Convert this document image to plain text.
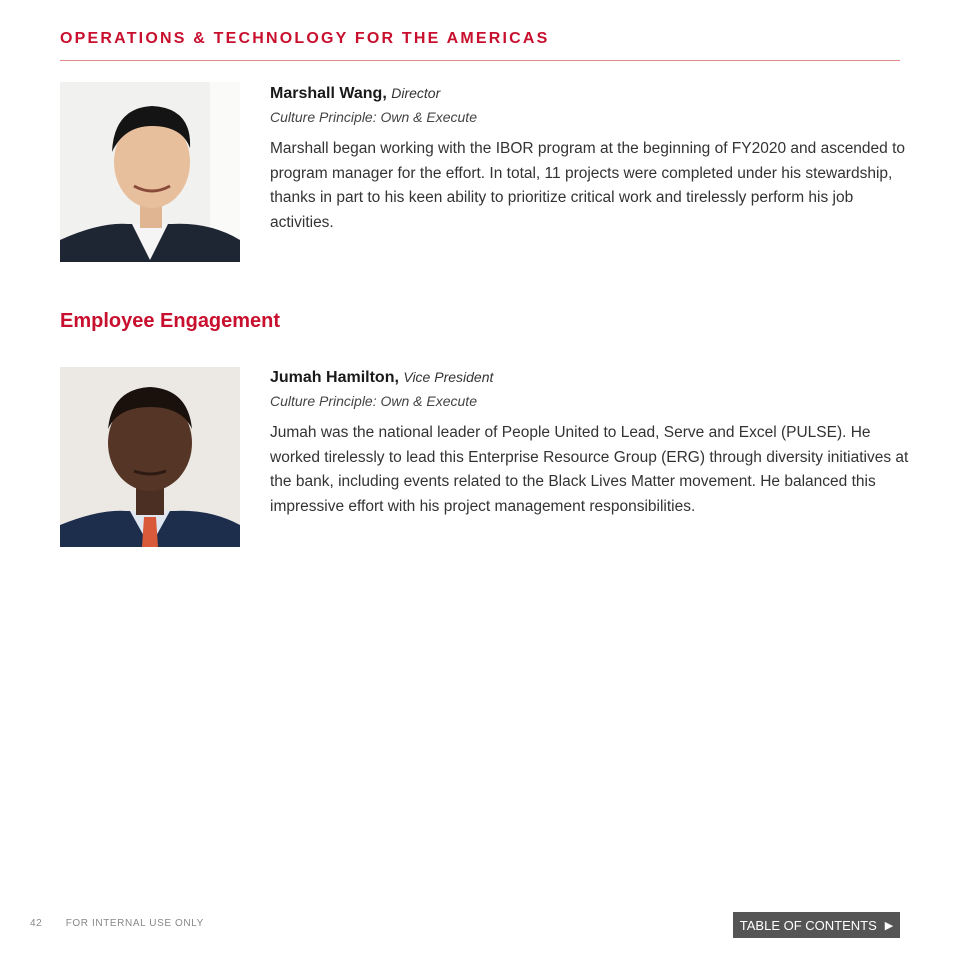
OPERATIONS & TECHNOLOGY FOR THE AMERICAS
Marshall Wang, Director
Culture Principle: Own & Execute
Marshall began working with the IBOR program at the beginning of FY2020 and ascended to program manager for the effort. In total, 11 projects were completed under his stewardship, thanks in part to his keen ability to prioritize critical work and tirelessly perform his job activities.
Employee Engagement
Jumah Hamilton, Vice President
Culture Principle: Own & Execute
Jumah was the national leader of People United to Lead, Serve and Excel (PULSE). He worked tirelessly to lead this Enterprise Resource Group (ERG) through diversity initiatives at the bank, including events related to the Black Lives Matter movement. He balanced this impressive effort with his project management responsibilities.
42 FOR INTERNAL USE ONLY	TABLE OF CONTENTS ▶
